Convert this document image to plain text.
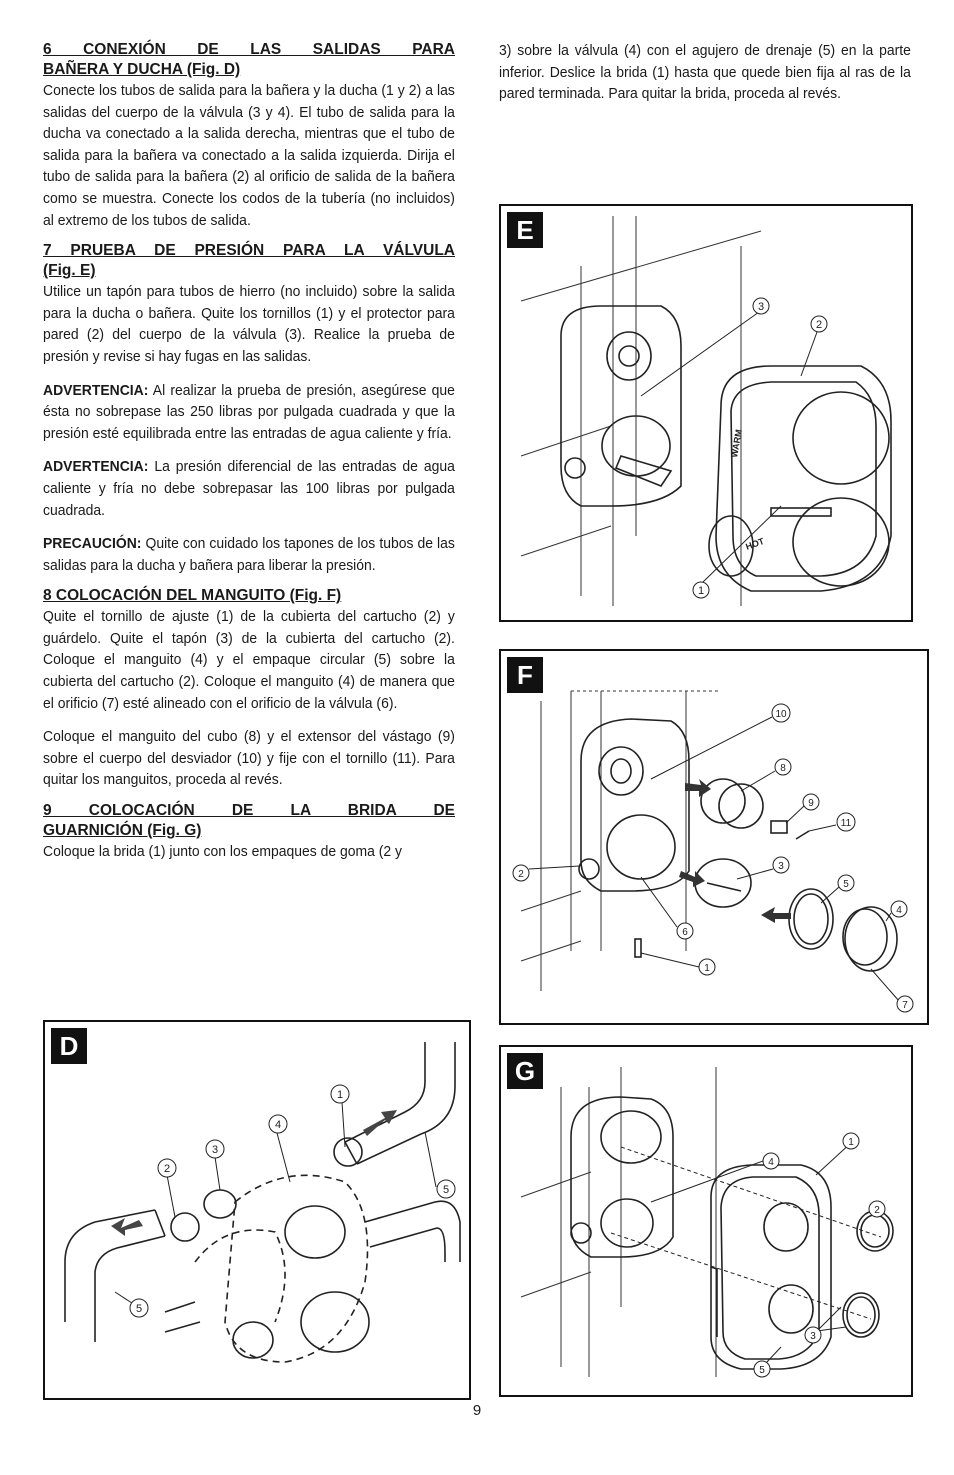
6 CONEXIÓN DE LAS SALIDAS PARA

BAÑERA Y DUCHA (Fig. D)

Conecte los tubos de salida para la bañera y la ducha (1 y 2) a las salidas del cuerpo de la válvula (3 y 4). El tubo de salida para la ducha va conectado a la salida derecha, mientras que el tubo de salida para la bañera va conectado a la salida izquierda. Dirija el tubo de salida para la bañera (2) al orificio de salida de la bañera como se muestra. Conecte los codos de la tubería (no incluidos) al extremo de los tubos de salida.

7 PRUEBA DE PRESIÓN PARA LA VÁLVULA

(Fig. E)

Utilice un tapón para tubos de hierro (no incluido) sobre la salida para la ducha o bañera. Quite los tornillos (1) y el protector para pared (2) del cuerpo de la válvula (3). Realice la prueba de presión y revise si hay fugas en las salidas.

ADVERTENCIA: Al realizar la prueba de presión, asegúrese que ésta no sobrepase las 250 libras por pulgada cuadrada y que la presión esté equilibrada entre las entradas de agua caliente y fría.

ADVERTENCIA: La presión diferencial de las entradas de agua caliente y fría no debe sobrepasar las 100 libras por pulgada cuadrada.

PRECAUCIÓN: Quite con cuidado los tapones de los tubos de las salidas para la ducha y bañera para liberar la presión.

8 COLOCACIÓN DEL MANGUITO (Fig. F)

Quite el tornillo de ajuste (1) de la cubierta del cartucho (2) y guárdelo. Quite el tapón (3) de la cubierta del cartucho (2). Coloque el manguito (4) y el empaque circular (5) sobre la cubierta del cartucho (2). Coloque el manguito (4) de manera que el orificio (7) esté alineado con el orificio de la válvula (6).

Coloque el manguito del cubo (8) y el extensor del vástago (9) sobre el cuerpo del desviador (10) y fije con el tornillo (11). Para quitar los manguitos, proceda al revés.

9 COLOCACIÓN DE LA BRIDA DE

GUARNICIÓN (Fig. G)

Coloque la brida (1) junto con los empaques de goma (2 y

3) sobre la válvula (4) con el agujero de drenaje (5) en la parte inferior. Deslice la brida (1) hasta que quede bien fija al ras de la pared terminada. Para quitar la brida, proceda al revés.

1
2
3
4
5
5
D
WARM
HOT
3
2
1
E
10
8
9
11
2
3
5
4
6
1
7
F
1
4
2
3
5
G
9
